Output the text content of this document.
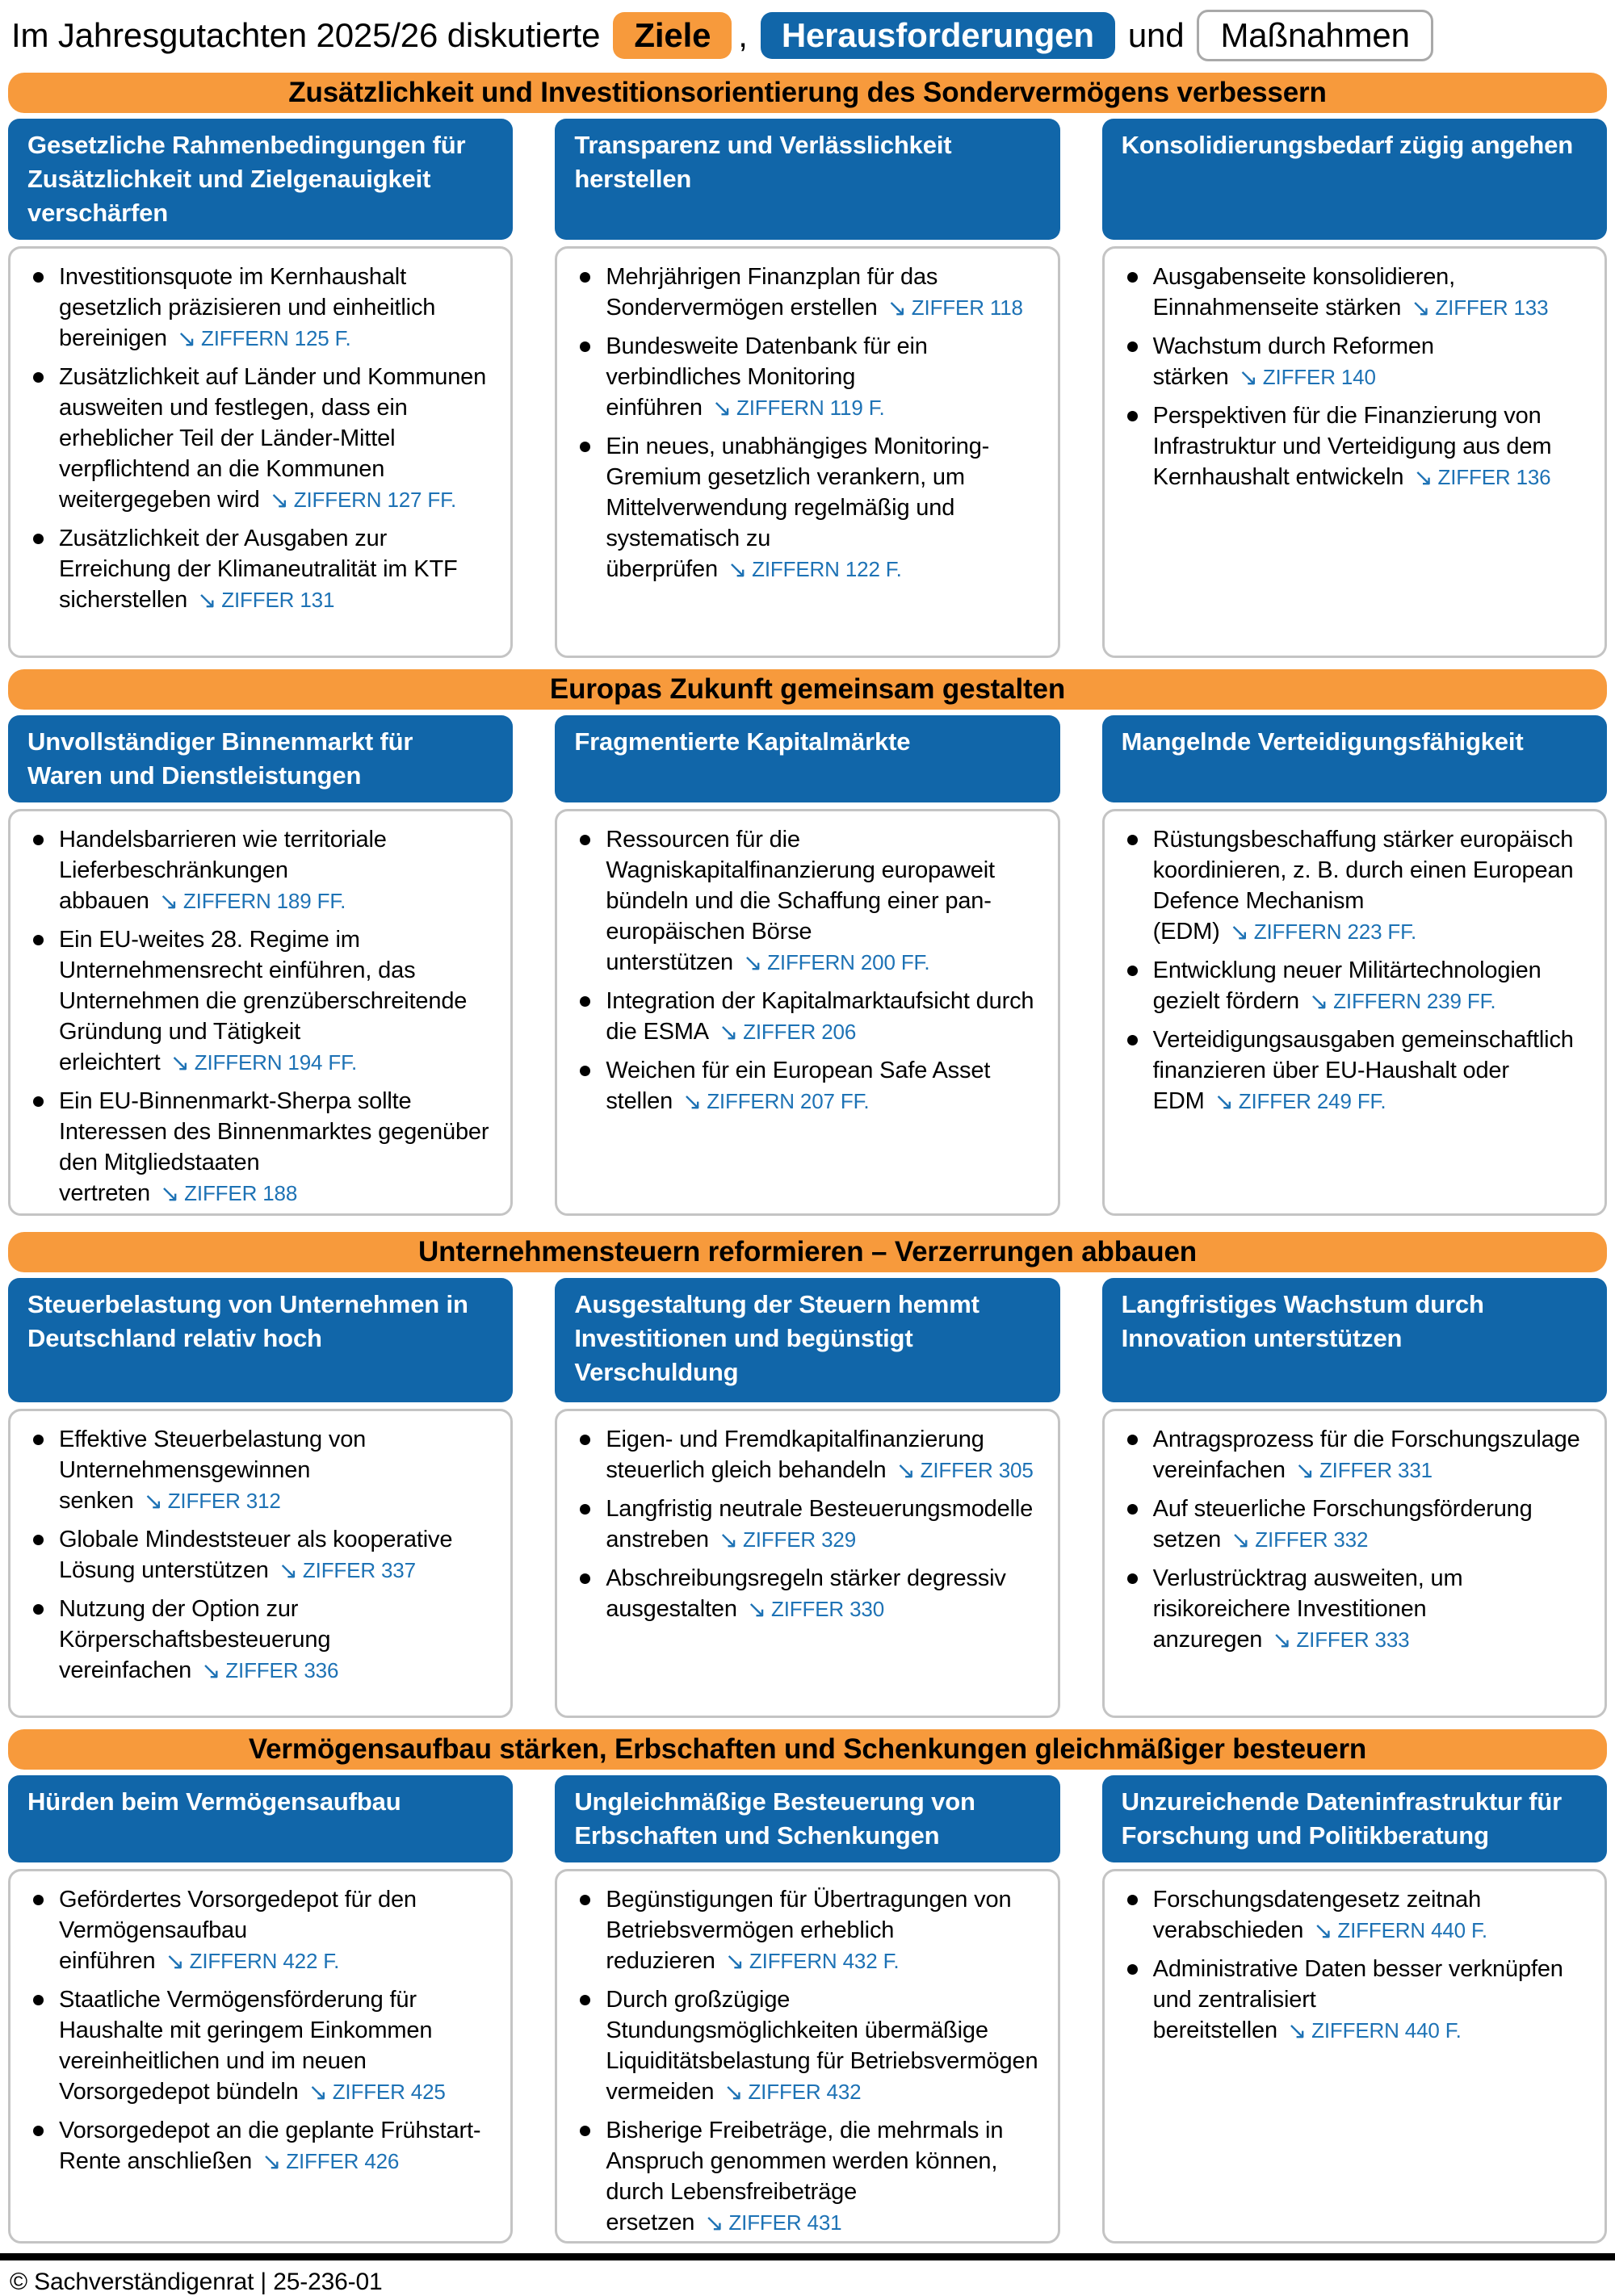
Im Jahresgutachten 2025/26 diskutierte	Ziele ,	Herausforderungen	und	Maßnahmen
Zusätzlichkeit und Investitionsorientierung des Sondervermögens verbessern
Gesetzliche Rahmenbedingungen für Zusätzlichkeit und Zielgenauigkeit verschärfen
Investitionsquote im Kernhaushalt gesetzlich präzisieren und einheitlich bereinigen ↘ ZIFFERN 125 F.
Zusätzlichkeit auf Länder und Kommunen ausweiten und festlegen, dass ein erheblicher Teil der Länder-Mittel verpflichtend an die Kommunen weitergegeben wird ↘ ZIFFERN 127 FF.
Zusätzlichkeit der Ausgaben zur Erreichung der Klimaneutralität im KTF sicherstellen ↘ ZIFFER 131
Transparenz und Verlässlichkeit herstellen
Mehrjährigen Finanzplan für das Sondervermögen erstellen ↘ ZIFFER 118
Bundesweite Datenbank für ein verbindliches Monitoring einführen ↘ ZIFFERN 119 F.
Ein neues, unabhängiges Monitoring-Gremium gesetzlich verankern, um Mittelverwendung regelmäßig und systematisch zu überprüfen ↘ ZIFFERN 122 F.
Konsolidierungsbedarf zügig angehen
Ausgabenseite konsolidieren, Einnahmenseite stärken ↘ ZIFFER 133
Wachstum durch Reformen stärken ↘ ZIFFER 140
Perspektiven für die Finanzierung von Infrastruktur und Verteidigung aus dem Kernhaushalt entwickeln ↘ ZIFFER 136
Europas Zukunft gemeinsam gestalten
Unvollständiger Binnenmarkt für Waren und Dienstleistungen
Handelsbarrieren wie territoriale Lieferbeschränkungen abbauen ↘ ZIFFERN 189 FF.
Ein EU-weites 28. Regime im Unternehmensrecht einführen, das Unternehmen die grenzüberschreitende Gründung und Tätigkeit erleichtert ↘ ZIFFERN 194 FF.
Ein EU-Binnenmarkt-Sherpa sollte Interessen des Binnenmarktes gegenüber den Mitgliedstaaten vertreten ↘ ZIFFER 188
Fragmentierte Kapitalmärkte
Ressourcen für die Wagniskapitalfinanzierung europaweit bündeln und die Schaffung einer pan-europäischen Börse unterstützen ↘ ZIFFERN 200 FF.
Integration der Kapitalmarktaufsicht durch die ESMA ↘ ZIFFER 206
Weichen für ein European Safe Asset stellen ↘ ZIFFERN 207 FF.
Mangelnde Verteidigungsfähigkeit
Rüstungsbeschaffung stärker europäisch koordinieren, z. B. durch einen European Defence Mechanism (EDM) ↘ ZIFFERN 223 FF.
Entwicklung neuer Militärtechnologien gezielt fördern ↘ ZIFFERN 239 FF.
Verteidigungsausgaben gemeinschaftlich finanzieren über EU-Haushalt oder EDM ↘ ZIFFER 249 FF.
Unternehmensteuern reformieren – Verzerrungen abbauen
Steuerbelastung von Unternehmen in Deutschland relativ hoch
Effektive Steuerbelastung von Unternehmensgewinnen senken ↘ ZIFFER 312
Globale Mindeststeuer als kooperative Lösung unterstützen ↘ ZIFFER 337
Nutzung der Option zur Körperschaftsbesteuerung vereinfachen ↘ ZIFFER 336
Ausgestaltung der Steuern hemmt Investitionen und begünstigt Verschuldung
Eigen- und Fremdkapitalfinanzierung steuerlich gleich behandeln ↘ ZIFFER 305
Langfristig neutrale Besteuerungsmodelle anstreben ↘ ZIFFER 329
Abschreibungsregeln stärker degressiv ausgestalten ↘ ZIFFER 330
Langfristiges Wachstum durch Innovation unterstützen
Antragsprozess für die Forschungszulage vereinfachen ↘ ZIFFER 331
Auf steuerliche Forschungsförderung setzen ↘ ZIFFER 332
Verlustrücktrag ausweiten, um risikoreichere Investitionen anzuregen ↘ ZIFFER 333
Vermögensaufbau stärken, Erbschaften und Schenkungen gleichmäßiger besteuern
Hürden beim Vermögensaufbau
Gefördertes Vorsorgedepot für den Vermögensaufbau einführen ↘ ZIFFERN 422 F.
Staatliche Vermögensförderung für Haushalte mit geringem Einkommen vereinheitlichen und im neuen Vorsorgedepot bündeln ↘ ZIFFER 425
Vorsorgedepot an die geplante Frühstart-Rente anschließen ↘ ZIFFER 426
Ungleichmäßige Besteuerung von Erbschaften und Schenkungen
Begünstigungen für Übertragungen von Betriebsvermögen erheblich reduzieren ↘ ZIFFERN 432 F.
Durch großzügige Stundungsmöglichkeiten übermäßige Liquiditätsbelastung für Betriebsvermögen vermeiden ↘ ZIFFER 432
Bisherige Freibeträge, die mehrmals in Anspruch genommen werden können, durch Lebensfreibeträge ersetzen ↘ ZIFFER 431
Unzureichende Dateninfrastruktur für Forschung und Politikberatung
Forschungsdatengesetz zeitnah verabschieden ↘ ZIFFERN 440 F.
Administrative Daten besser verknüpfen und zentralisiert bereitstellen ↘ ZIFFERN 440 F.
© Sachverständigenrat | 25-236-01
